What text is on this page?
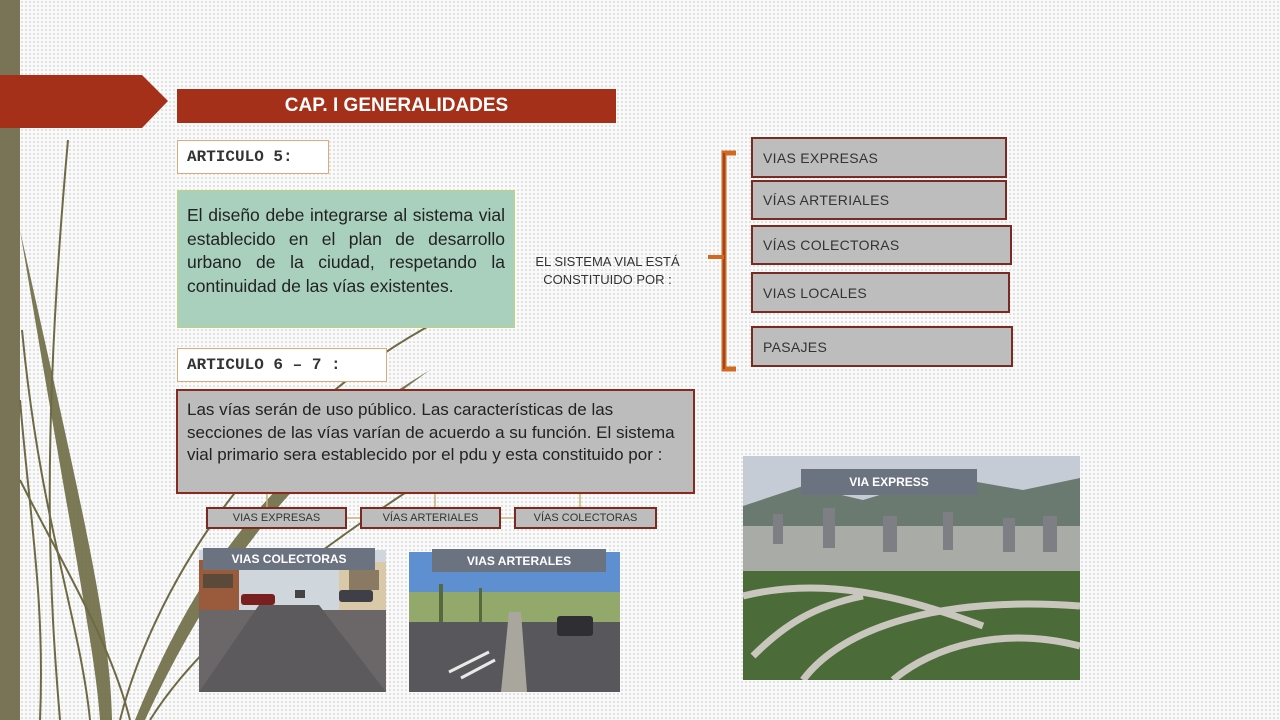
CAP. I GENERALIDADES
ARTICULO 5:
El diseño debe integrarse al sistema vial establecido en el plan de desarrollo urbano de la ciudad, respetando la continuidad de las vías existentes.
ARTICULO 6 – 7 :
Las vías serán de uso público. Las características de las secciones de las vías varían de acuerdo a su función. El sistema vial primario sera establecido por el pdu y esta constituido por :
EL SISTEMA VIAL ESTÁ
CONSTITUIDO POR :
VIAS EXPRESAS
VÍAS ARTERIALES
VÍAS COLECTORAS
VIAS LOCALES
PASAJES
VIAS EXPRESAS	VÍAS ARTERIALES	VÍAS COLECTORAS
VIAS COLECTORAS	VIAS ARTERALES
VIA EXPRESS
